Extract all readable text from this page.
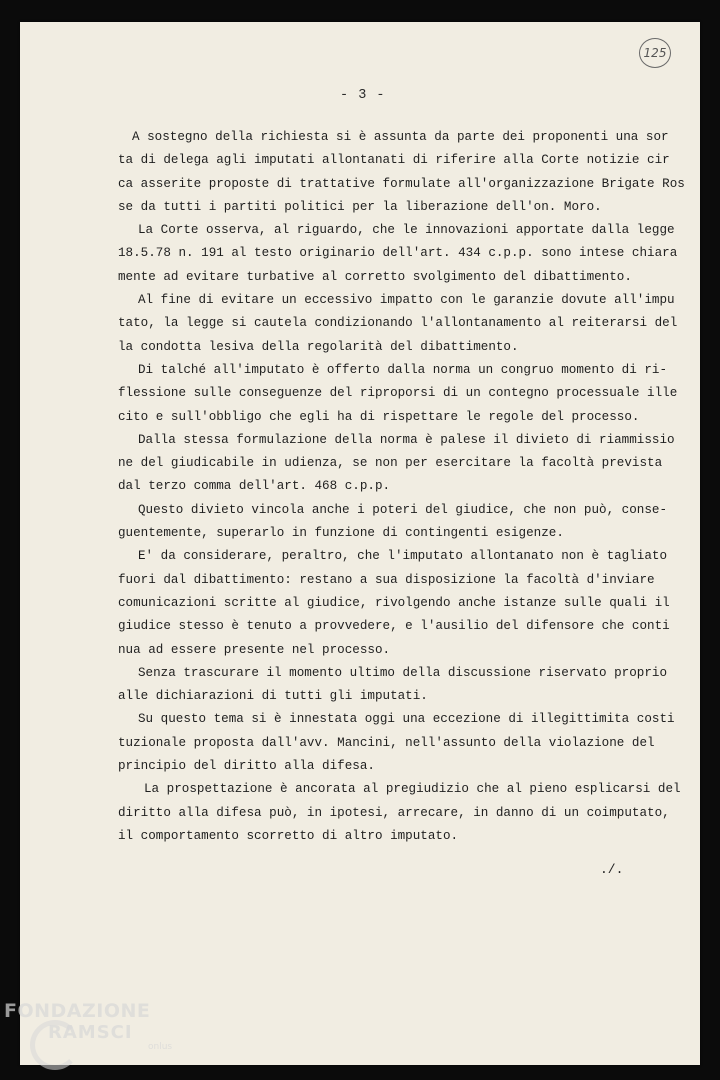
125
- 3 -
A sostegno della richiesta si è assunta da parte dei proponenti una sor
ta di delega agli imputati allontanati di riferire alla Corte notizie cir
ca asserite proposte di trattative formulate all'organizzazione Brigate Ros
se da tutti i partiti politici per la liberazione dell'on. Moro.
La Corte osserva, al riguardo, che le innovazioni apportate dalla legge
18.5.78 n. 191 al testo originario dell'art. 434 c.p.p. sono intese chiara
mente ad evitare turbative al corretto svolgimento del dibattimento.
Al fine di evitare un eccessivo impatto con le garanzie dovute all'impu
tato, la legge si cautela condizionando l'allontanamento al reiterarsi del
la condotta lesiva della regolarità del dibattimento.
Di talché all'imputato è offerto dalla norma un congruo momento di ri-
flessione sulle conseguenze del riproporsi di un contegno processuale ille
cito e sull'obbligo che egli ha di rispettare le regole del processo.
Dalla stessa formulazione della norma è palese il divieto di riammissio
ne del giudicabile in udienza, se non per esercitare la facoltà prevista
dal terzo comma dell'art. 468 c.p.p.
Questo divieto vincola anche i poteri del giudice, che non può, conse-
guentemente, superarlo in funzione di contingenti esigenze.
E' da considerare, peraltro, che l'imputato allontanato non è tagliato
fuori dal dibattimento: restano a sua disposizione la facoltà d'inviare
comunicazioni scritte al giudice, rivolgendo anche istanze sulle quali il
giudice stesso è tenuto a provvedere, e l'ausilio del difensore che conti
nua ad essere presente nel processo.
Senza trascurare il momento ultimo della discussione riservato proprio
alle dichiarazioni di tutti gli imputati.
Su questo tema si è innestata oggi una eccezione di illegittimita costi
tuzionale proposta dall'avv. Mancini, nell'assunto della violazione del
principio del diritto alla difesa.
La prospettazione è ancorata al pregiudizio che al pieno esplicarsi del
diritto alla difesa può, in ipotesi, arrecare, in danno di un coimputato,
il comportamento scorretto di altro imputato.
./.
FONDAZIONE
RAMSCI
onlus
